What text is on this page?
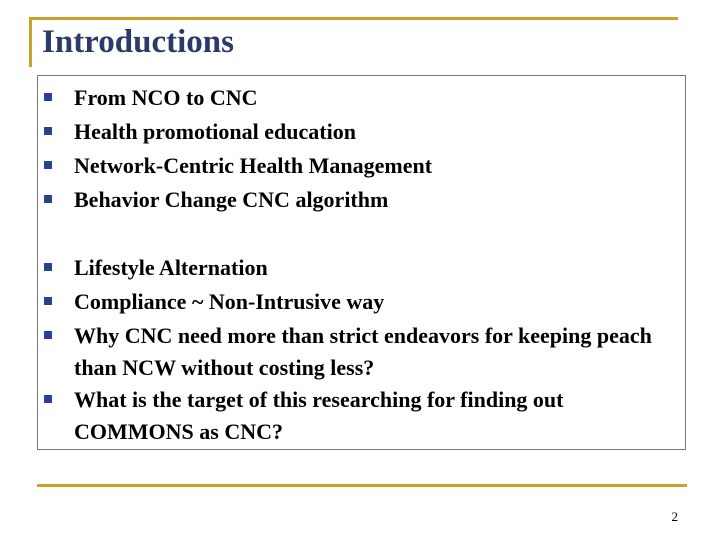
Introductions
From NCO to CNC
Health promotional education
Network-Centric Health Management
Behavior Change CNC algorithm
Lifestyle Alternation
Compliance ~ Non-Intrusive way
Why CNC need more than strict endeavors for keeping peach than NCW without costing less?
What is the target of this researching for finding out COMMONS as CNC?
2
